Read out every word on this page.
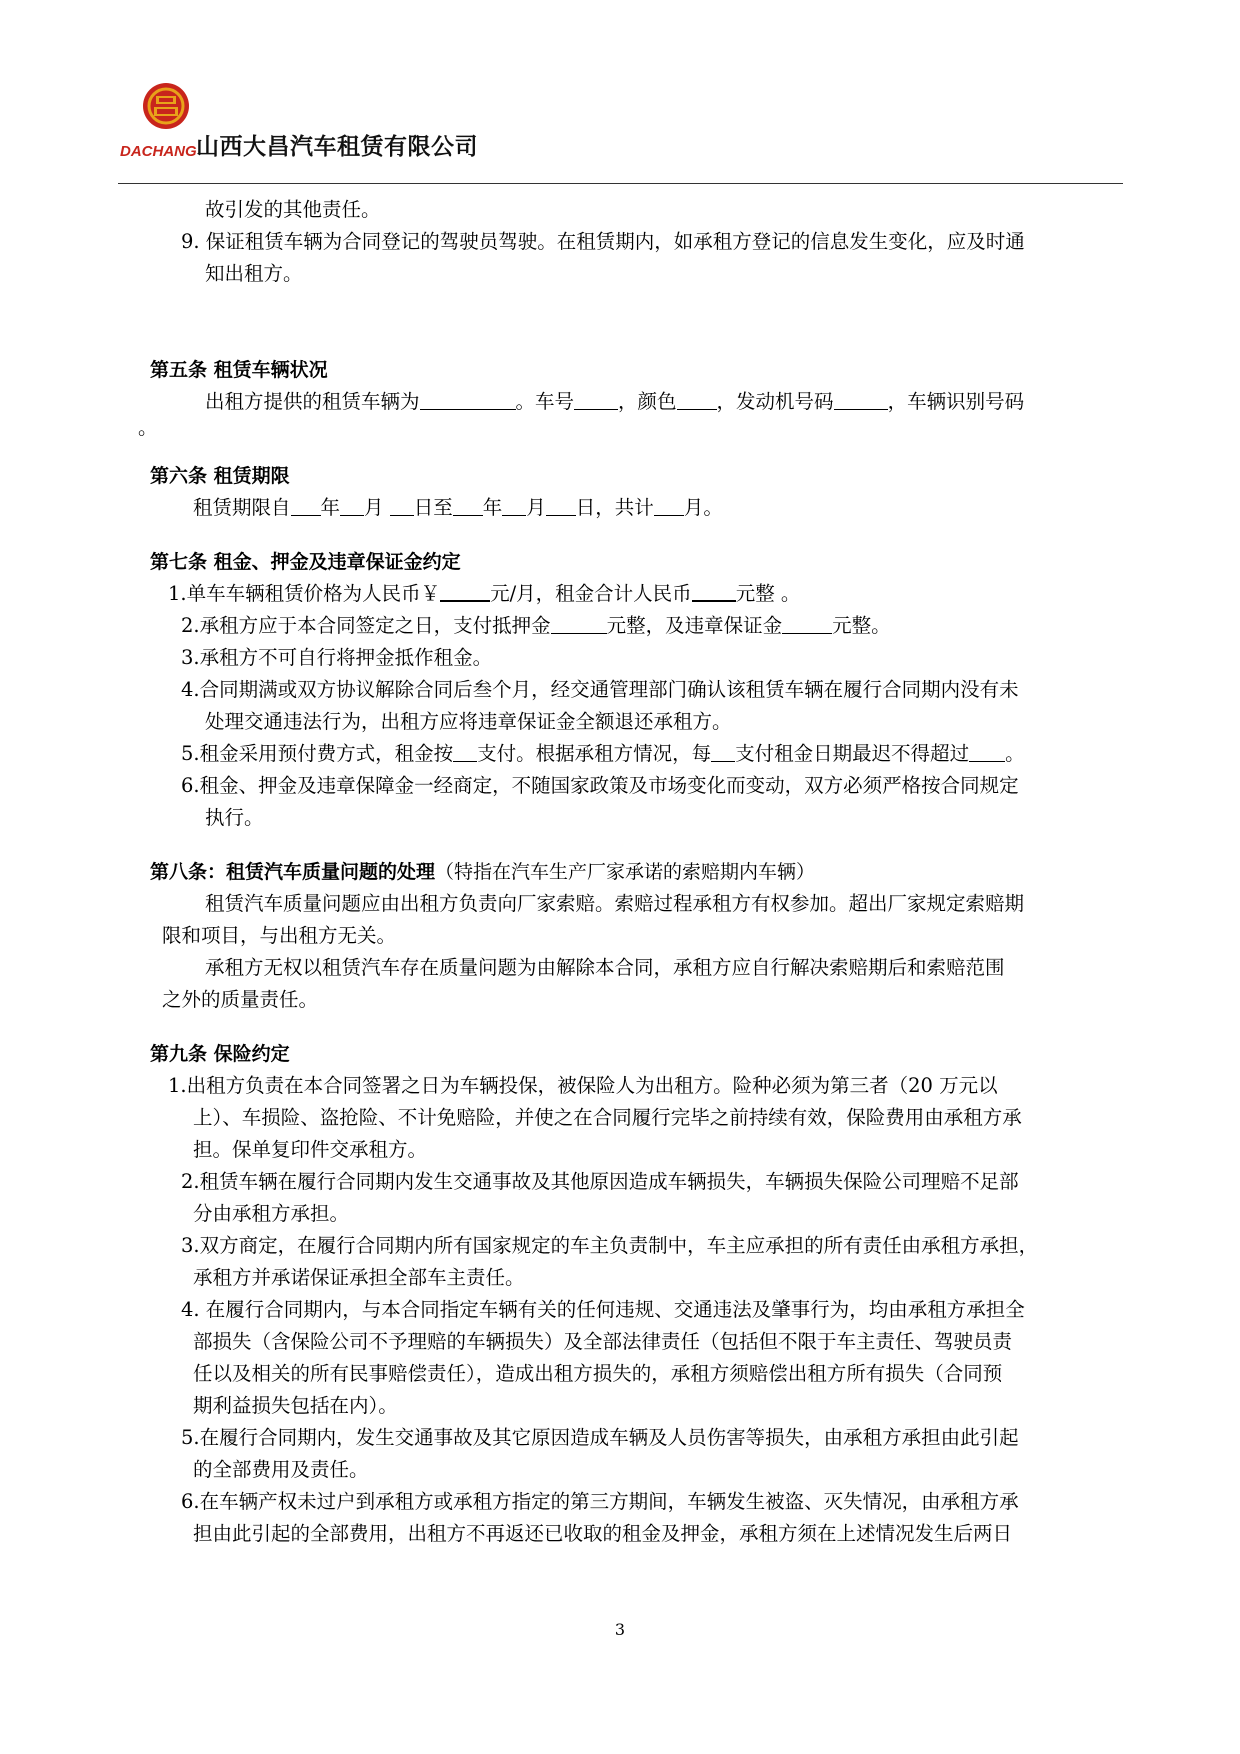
DACHANG 山西大昌汽车租赁有限公司

故引发的其他责任。

9. 保证租赁车辆为合同登记的驾驶员驾驶。在租赁期内，如承租方登记的信息发生变化，应及时通

知出租方。

第五条 租赁车辆状况

出租方提供的租赁车辆为	。车号 ，颜色 ，发动机号码	，车辆识别号码

。

第六条 租赁期限

租赁期限自 年 月 日至 年 月 日，共计 月。

第七条 租金、押金及违章保证金约定

1.单车车辆租赁价格为人民币￥	元/月，租金合计人民币 元整 。

2.承租方应于本合同签定之日，支付抵押金	元整，及违章保证金	元整。

3.承租方不可自行将押金抵作租金。

4.合同期满或双方协议解除合同后叁个月，经交通管理部门确认该租赁车辆在履行合同期内没有未

处理交通违法行为，出租方应将违章保证金全额退还承租方。

5.租金采用预付费方式，租金按 支付。根据承租方情况，每 支付租金日期最迟不得超过 。

6.租金、押金及违章保障金一经商定，不随国家政策及市场变化而变动，双方必须严格按合同规定

执行。

第八条：租赁汽车质量问题的处理（特指在汽车生产厂家承诺的索赔期内车辆）

租赁汽车质量问题应由出租方负责向厂家索赔。索赔过程承租方有权参加。超出厂家规定索赔期

限和项目，与出租方无关。

承租方无权以租赁汽车存在质量问题为由解除本合同，承租方应自行解决索赔期后和索赔范围

之外的质量责任。

第九条 保险约定

1.出租方负责在本合同签署之日为车辆投保，被保险人为出租方。险种必须为第三者（20 万元以

上）、车损险、盗抢险、不计免赔险，并使之在合同履行完毕之前持续有效，保险费用由承租方承

担。保单复印件交承租方。

2.租赁车辆在履行合同期内发生交通事故及其他原因造成车辆损失，车辆损失保险公司理赔不足部

分由承租方承担。

3.双方商定，在履行合同期内所有国家规定的车主负责制中，车主应承担的所有责任由承租方承担，

承租方并承诺保证承担全部车主责任。

4. 在履行合同期内，与本合同指定车辆有关的任何违规、交通违法及肇事行为，均由承租方承担全

部损失（含保险公司不予理赔的车辆损失）及全部法律责任（包括但不限于车主责任、驾驶员责

任以及相关的所有民事赔偿责任），造成出租方损失的，承租方须赔偿出租方所有损失（合同预

期利益损失包括在内）。

5.在履行合同期内，发生交通事故及其它原因造成车辆及人员伤害等损失，由承租方承担由此引起

的全部费用及责任。

6.在车辆产权未过户到承租方或承租方指定的第三方期间，车辆发生被盗、灭失情况，由承租方承

担由此引起的全部费用，出租方不再返还已收取的租金及押金，承租方须在上述情况发生后两日

3
